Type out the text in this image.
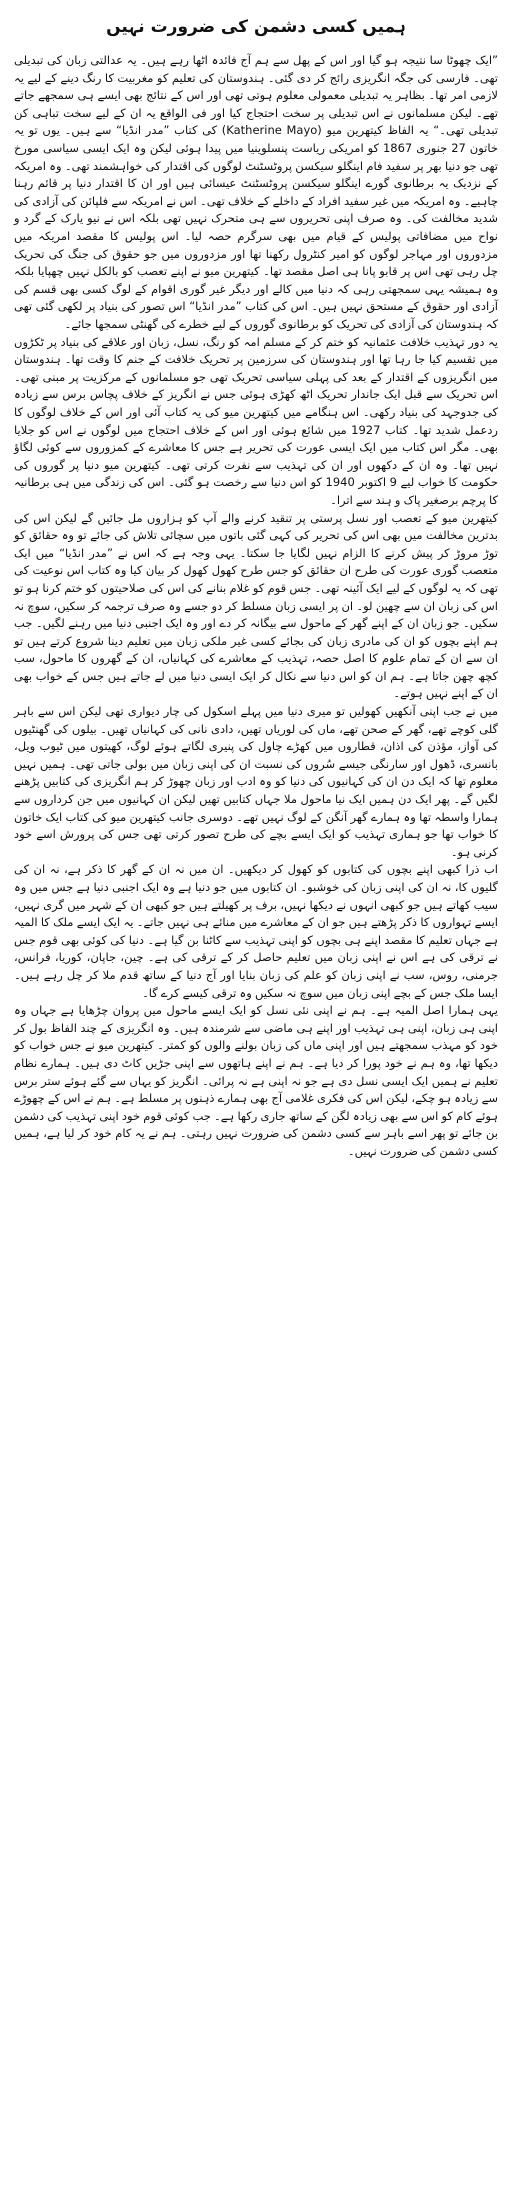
ہمیں کسی دشمن کی ضرورت نہیں

”ایک چھوٹا سا نتیجہ ہو گیا اور اس کے پھل سے ہم آج فائدہ اٹھا رہے ہیں۔ یہ عدالتی زبان کی تبدیلی تھی۔ فارسی کی جگہ انگریزی رائج کر دی گئی۔ ہندوستان کی تعلیم کو مغربیت کا رنگ دینے کے لیے یہ لازمی امر تھا۔ بظاہر یہ تبدیلی معمولی معلوم ہوتی تھی اور اس کے نتائج بھی ایسے ہی سمجھے جاتے تھے۔ لیکن مسلمانوں نے اس تبدیلی پر سخت احتجاج کیا اور فی الواقع یہ ان کے لیے سخت تباہی کن تبدیلی تھی۔“ یہ الفاظ کیتھرین میو (Katherine Mayo) کی کتاب ”مدر انڈیا“ سے ہیں۔ یوں تو یہ خاتون 27 جنوری 1867 کو امریکی ریاست پنسلوینیا میں پیدا ہوئی لیکن وہ ایک ایسی سیاسی مورخ تھی جو دنیا بھر پر سفید فام اینگلو سیکسن پروٹسٹنٹ لوگوں کی اقتدار کی خواہشمند تھی۔ وہ امریکہ کے نزدیک یہ برطانوی گورے اینگلو سیکسن پروٹسٹنٹ عیسائی ہیں اور ان کا اقتدار دنیا پر قائم رہنا چاہیے۔ وہ امریکہ میں غیر سفید افراد کے داخلے کے خلاف تھی۔ اس نے امریکہ سے فلپائن کی آزادی کی شدید مخالفت کی۔ وہ صرف اپنی تحریروں سے ہی متحرک نہیں تھی بلکہ اس نے نیو یارک کے گرد و نواح میں مضافاتی پولیس کے قیام میں بھی سرگرم حصہ لیا۔ اس پولیس کا مقصد امریکہ میں مزدوروں اور مہاجر لوگوں کو امیر کنٹرول رکھنا تھا اور مزدوروں میں جو حقوق کی جنگ کی تحریک چل رہی تھی اس پر قابو پانا ہی اصل مقصد تھا۔ کیتھرین میو نے اپنے تعصب کو بالکل نہیں چھپایا بلکہ وہ ہمیشہ یہی سمجھتی رہی کہ دنیا میں کالے اور دیگر غیر گوری اقوام کے لوگ کسی بھی قسم کی آزادی اور حقوق کے مستحق نہیں ہیں۔ اس کی کتاب ”مدر انڈیا“ اس تصور کی بنیاد پر لکھی گئی تھی کہ ہندوستان کی آزادی کی تحریک کو برطانوی گوروں کے لیے خطرے کی گھنٹی سمجھا جائے۔

یہ دور تہذیب خلافت عثمانیہ کو ختم کر کے مسلم امہ کو رنگ، نسل، زبان اور علاقے کی بنیاد پر ٹکڑوں میں تقسیم کیا جا رہا تھا اور ہندوستان کی سرزمین پر تحریک خلافت کے جنم کا وقت تھا۔ ہندوستان میں انگریزوں کے اقتدار کے بعد کی پہلی سیاسی تحریک تھی جو مسلمانوں کے مرکزیت پر مبنی تھی۔ اس تحریک سے قبل ایک جاندار تحریک اٹھ کھڑی ہوئی جس نے انگریز کے خلاف پچاس برس سے زیادہ کی جدوجہد کی بنیاد رکھی۔ اس ہنگامے میں کیتھرین میو کی یہ کتاب آئی اور اس کے خلاف لوگوں کا ردعمل شدید تھا۔ کتاب 1927 میں شائع ہوئی اور اس کے خلاف احتجاج میں لوگوں نے اس کو جلایا بھی۔ مگر اس کتاب میں ایک ایسی عورت کی تحریر ہے جس کا معاشرے کے کمزوروں سے کوئی لگاؤ نہیں تھا۔ وہ ان کے دکھوں اور ان کی تہذیب سے نفرت کرتی تھی۔ کیتھرین میو دنیا پر گوروں کی حکومت کا خواب لیے 9 اکتوبر 1940 کو اس دنیا سے رخصت ہو گئی۔ اس کی زندگی میں ہی برطانیہ کا پرچم برصغیر پاک و ہند سے اترا۔

کیتھرین میو کے تعصب اور نسل پرستی پر تنقید کرنے والے آپ کو ہزاروں مل جائیں گے لیکن اس کی بدترین مخالفت میں بھی اس کی تحریر کی کہی گئی باتوں میں سچائی تلاش کی جائے تو وہ حقائق کو توڑ مروڑ کر پیش کرنے کا الزام نہیں لگایا جا سکتا۔ یہی وجہ ہے کہ اس نے ”مدر انڈیا“ میں ایک متعصب گوری عورت کی طرح ان حقائق کو جس طرح کھول کھول کر بیان کیا وہ کتاب اس نوعیت کی تھی کہ یہ لوگوں کے لیے ایک آئینہ تھی۔ جس قوم کو غلام بنانے کی اس کی صلاحیتوں کو ختم کرنا ہو تو اس کی زبان ان سے چھین لو۔ ان پر ایسی زبان مسلط کر دو جسے وہ صرف ترجمہ کر سکیں، سوچ نہ سکیں۔ جو زبان ان کے اپنے گھر کے ماحول سے بیگانہ کر دے اور وہ ایک اجنبی دنیا میں رہنے لگیں۔ جب ہم اپنے بچوں کو ان کی مادری زبان کی بجائے کسی غیر ملکی زبان میں تعلیم دینا شروع کرتے ہیں تو ان سے ان کے تمام علوم کا اصل حصہ، تہذیب کے معاشرے کی کہانیاں، ان کے گھروں کا ماحول، سب کچھ چھن جاتا ہے۔ ہم ان کو اس دنیا سے نکال کر ایک ایسی دنیا میں لے جاتے ہیں جس کے خواب بھی ان کے اپنے نہیں ہوتے۔

میں نے جب اپنی آنکھیں کھولیں تو میری دنیا میں پہلے اسکول کی چار دیواری تھی لیکن اس سے باہر گلی کوچے تھے، گھر کے صحن تھے، ماں کی لوریاں تھیں، دادی نانی کی کہانیاں تھیں۔ بیلوں کی گھنٹیوں کی آواز، مؤذن کی اذان، قطاروں میں کھڑے چاول کی پنیری لگاتے ہوئے لوگ، کھیتوں میں ٹیوب ویل، بانسری، ڈھول اور سارنگی جیسے سُروں کی نسبت ان کی اپنی زبان میں بولی جاتی تھی۔ ہمیں نہیں معلوم تھا کہ ایک دن ان کی کہانیوں کی دنیا کو وہ ادب اور زبان چھوڑ کر ہم انگریزی کی کتابیں پڑھنے لگیں گے۔ پھر ایک دن ہمیں ایک نیا ماحول ملا جہاں کتابیں تھیں لیکن ان کہانیوں میں جن کرداروں سے ہمارا واسطہ تھا وہ ہمارے گھر آنگن کے لوگ نہیں تھے۔ دوسری جانب کیتھرین میو کی کتاب ایک خاتون کا خواب تھا جو ہماری تہذیب کو ایک ایسے بچے کی طرح تصور کرتی تھی جس کی پرورش اسے خود کرنی ہو۔

اب ذرا کبھی اپنے بچوں کی کتابوں کو کھول کر دیکھیں۔ ان میں نہ ان کے گھر کا ذکر ہے، نہ ان کی گلیوں کا، نہ ان کی اپنی زبان کی خوشبو۔ ان کتابوں میں جو دنیا ہے وہ ایک اجنبی دنیا ہے جس میں وہ سیب کھاتے ہیں جو کبھی انہوں نے دیکھا نہیں، برف پر کھیلتے ہیں جو کبھی ان کے شہر میں گری نہیں، ایسے تہواروں کا ذکر پڑھتے ہیں جو ان کے معاشرے میں منائے ہی نہیں جاتے۔ یہ ایک ایسے ملک کا المیہ ہے جہاں تعلیم کا مقصد اپنے ہی بچوں کو اپنی تہذیب سے کاٹنا بن گیا ہے۔ دنیا کی کوئی بھی قوم جس نے ترقی کی ہے اس نے اپنی زبان میں تعلیم حاصل کر کے ترقی کی ہے۔ چین، جاپان، کوریا، فرانس، جرمنی، روس، سب نے اپنی زبان کو علم کی زبان بنایا اور آج دنیا کے ساتھ قدم ملا کر چل رہے ہیں۔ ایسا ملک جس کے بچے اپنی زبان میں سوچ نہ سکیں وہ ترقی کیسے کرے گا۔

یہی ہمارا اصل المیہ ہے۔ ہم نے اپنی نئی نسل کو ایک ایسے ماحول میں پروان چڑھایا ہے جہاں وہ اپنی ہی زبان، اپنی ہی تہذیب اور اپنے ہی ماضی سے شرمندہ ہیں۔ وہ انگریزی کے چند الفاظ بول کر خود کو مہذب سمجھتے ہیں اور اپنی ماں کی زبان بولنے والوں کو کمتر۔ کیتھرین میو نے جس خواب کو دیکھا تھا، وہ ہم نے خود پورا کر دیا ہے۔ ہم نے اپنے ہاتھوں سے اپنی جڑیں کاٹ دی ہیں۔ ہمارے نظام تعلیم نے ہمیں ایک ایسی نسل دی ہے جو نہ اپنی ہے نہ پرائی۔ انگریز کو یہاں سے گئے ہوئے ستر برس سے زیادہ ہو چکے، لیکن اس کی فکری غلامی آج بھی ہمارے ذہنوں پر مسلط ہے۔ ہم نے اس کے چھوڑے ہوئے کام کو اس سے بھی زیادہ لگن کے ساتھ جاری رکھا ہے۔ جب کوئی قوم خود اپنی تہذیب کی دشمن بن جائے تو پھر اسے باہر سے کسی دشمن کی ضرورت نہیں رہتی۔ ہم نے یہ کام خود کر لیا ہے، ہمیں کسی دشمن کی ضرورت نہیں۔
